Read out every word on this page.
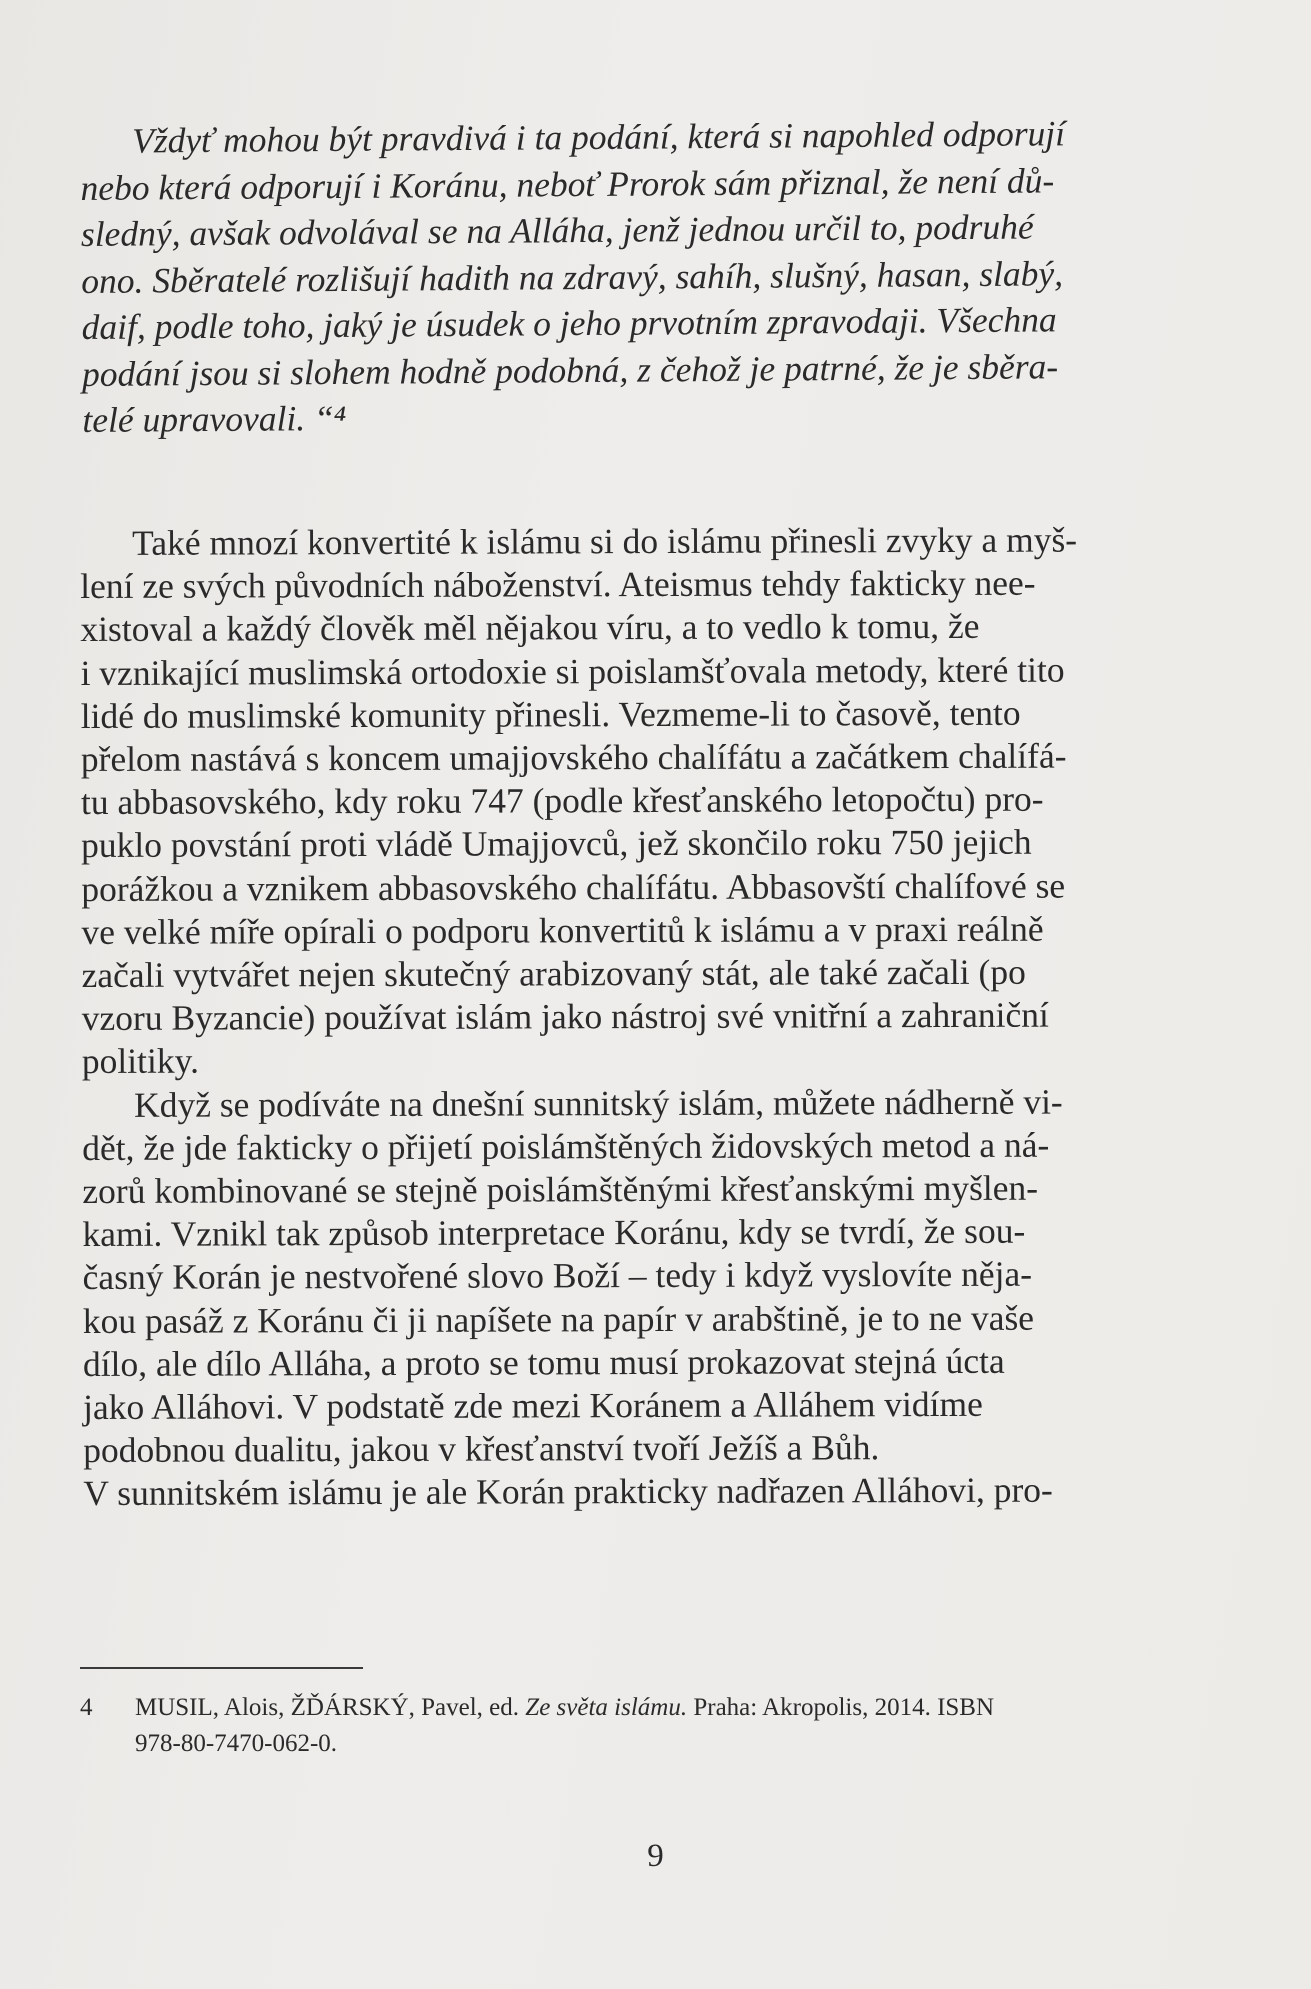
Vždyť mohou být pravdivá i ta podání, která si napohled odporují
nebo která odporují i Koránu, neboť Prorok sám přiznal, že není dů-
sledný, avšak odvolával se na Alláha, jenž jednou určil to, podruhé
ono. Sběratelé rozlišují hadith na zdravý, sahíh, slušný, hasan, slabý,
daif, podle toho, jaký je úsudek o jeho prvotním zpravodaji. Všechna
podání jsou si slohem hodně podobná, z čehož je patrné, že je sběra-
telé upravovali. “⁴
Také mnozí konvertité k islámu si do islámu přinesli zvyky a myš-
lení ze svých původních náboženství. Ateismus tehdy fakticky nee-
xistoval a každý člověk měl nějakou víru, a to vedlo k tomu, že
i vznikající muslimská ortodoxie si poislamšťovala metody, které tito
lidé do muslimské komunity přinesli. Vezmeme-li to časově, tento
přelom nastává s koncem umajjovského chalífátu a začátkem chalífá-
tu abbasovského, kdy roku 747 (podle křesťanského letopočtu) pro-
puklo povstání proti vládě Umajjovců, jež skončilo roku 750 jejich
porážkou a vznikem abbasovského chalífátu. Abbasovští chalífové se
ve velké míře opírali o podporu konvertitů k islámu a v praxi reálně
začali vytvářet nejen skutečný arabizovaný stát, ale také začali (po
vzoru Byzancie) používat islám jako nástroj své vnitřní a zahraniční
politiky.
Když se podíváte na dnešní sunnitský islám, můžete nádherně vi-
dět, že jde fakticky o přijetí poislámštěných židovských metod a ná-
zorů kombinované se stejně poislámštěnými křesťanskými myšlen-
kami. Vznikl tak způsob interpretace Koránu, kdy se tvrdí, že sou-
časný Korán je nestvořené slovo Boží – tedy i když vyslovíte něja-
kou pasáž z Koránu či ji napíšete na papír v arabštině, je to ne vaše
dílo, ale dílo Alláha, a proto se tomu musí prokazovat stejná úcta
jako Alláhovi. V podstatě zde mezi Koránem a Alláhem vidíme
podobnou dualitu, jakou v křesťanství tvoří Ježíš a Bůh.
V sunnitském islámu je ale Korán prakticky nadřazen Alláhovi, pro-
4 MUSIL, Alois, ŽĎÁRSKÝ, Pavel, ed. Ze světa islámu. Praha: Akropolis, 2014. ISBN
978-80-7470-062-0.
9
